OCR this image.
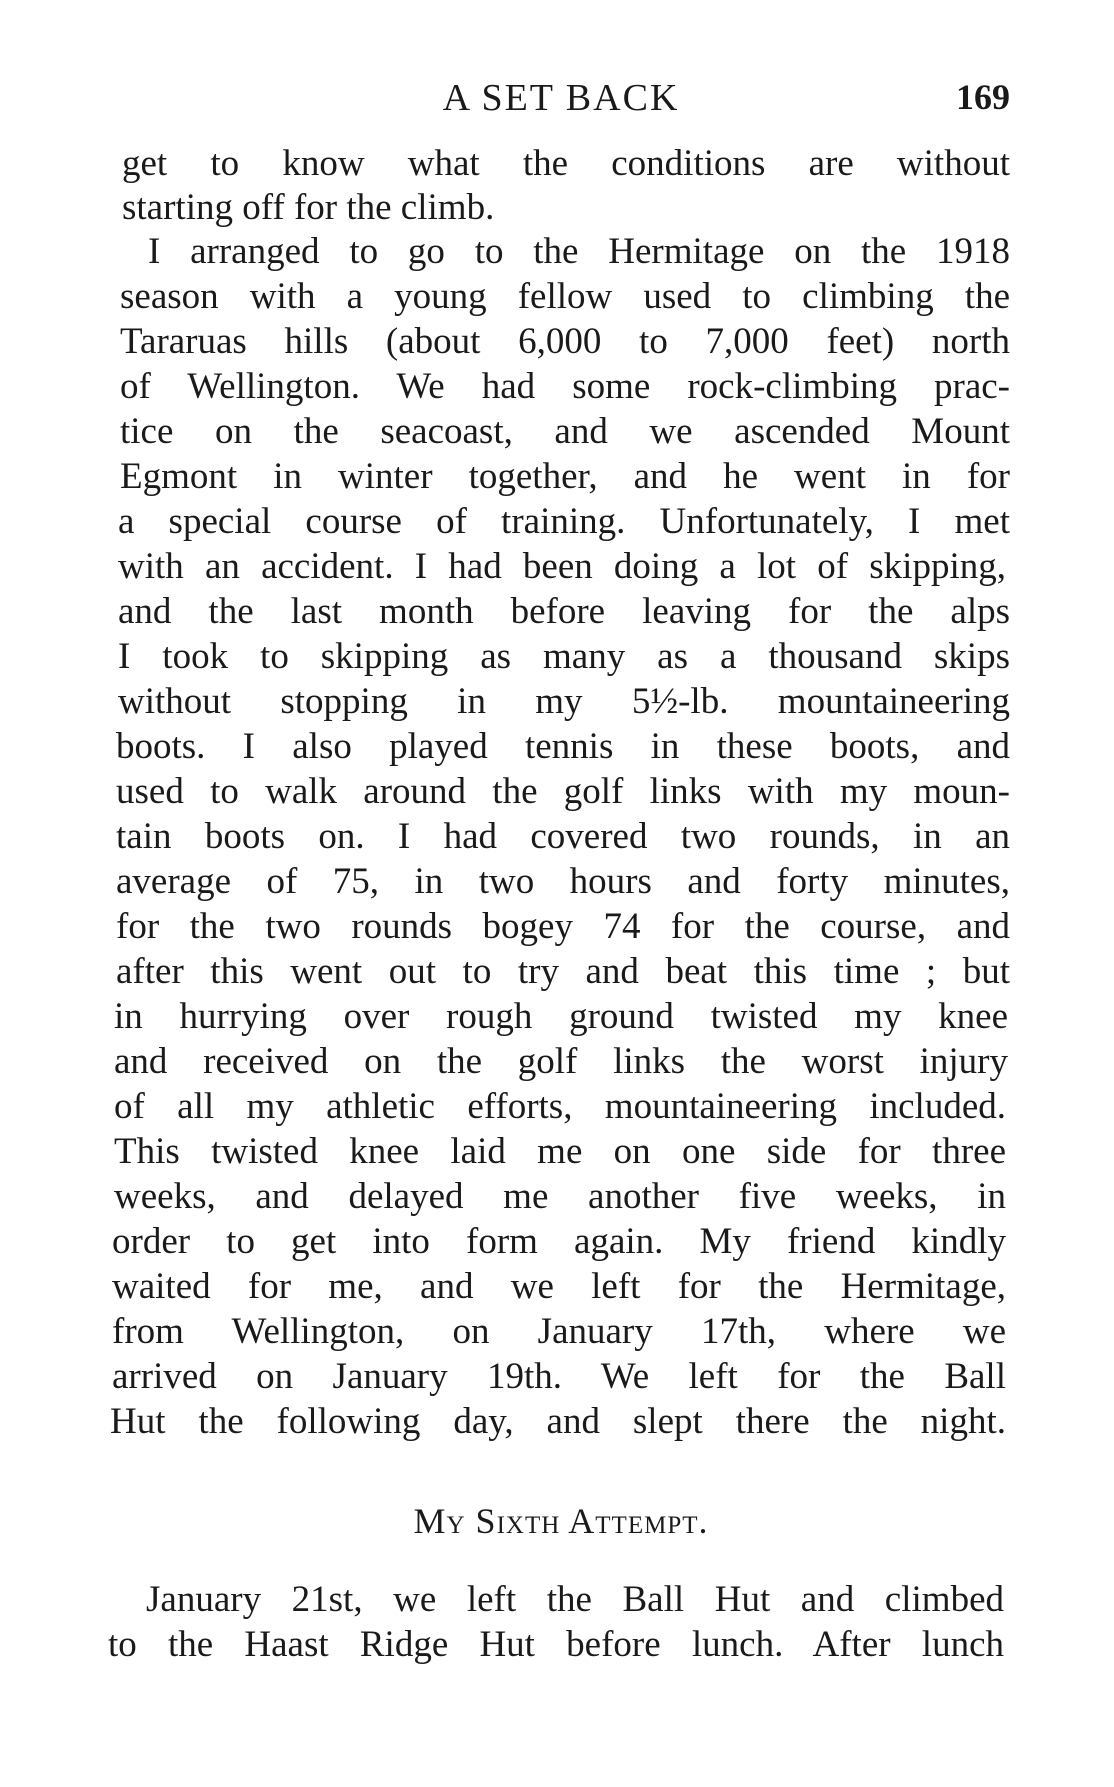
A SET BACK	169
get to know what the conditions are without
starting off for the climb.
I arranged to go to the Hermitage on the 1918
season with a young fellow used to climbing the
Tararuas hills (about 6,000 to 7,000 feet) north
of Wellington. We had some rock-climbing prac-
tice on the seacoast, and we ascended Mount
Egmont in winter together, and he went in for
a special course of training. Unfortunately, I met
with an accident. I had been doing a lot of skipping,
and the last month before leaving for the alps
I took to skipping as many as a thousand skips
without stopping in my 5½-lb. mountaineering
boots. I also played tennis in these boots, and
used to walk around the golf links with my moun-
tain boots on. I had covered two rounds, in an
average of 75, in two hours and forty minutes,
for the two rounds bogey 74 for the course, and
after this went out to try and beat this time ; but
in hurrying over rough ground twisted my knee
and received on the golf links the worst injury
of all my athletic efforts, mountaineering included.
This twisted knee laid me on one side for three
weeks, and delayed me another five weeks, in
order to get into form again. My friend kindly
waited for me, and we left for the Hermitage,
from Wellington, on January 17th, where we
arrived on January 19th. We left for the Ball
Hut the following day, and slept there the night.
My Sixth Attempt.
January 21st, we left the Ball Hut and climbed
to the Haast Ridge Hut before lunch. After lunch
